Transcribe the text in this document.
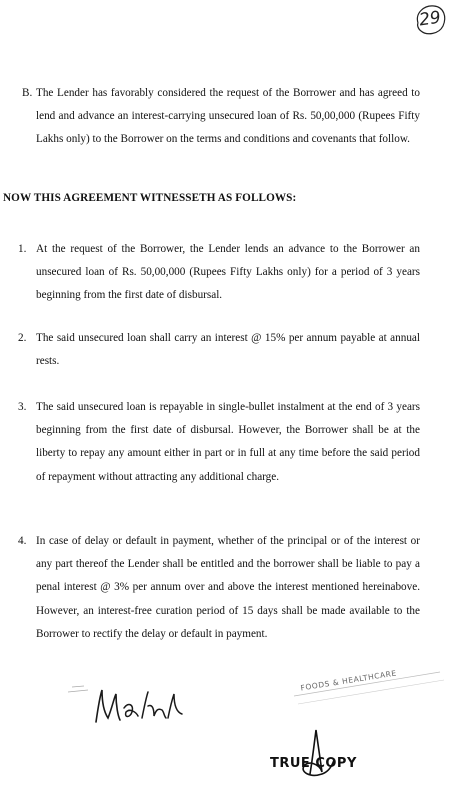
29
B. The Lender has favorably considered the request of the Borrower and has agreed to lend and advance an interest-carrying unsecured loan of Rs. 50,00,000 (Rupees Fifty Lakhs only) to the Borrower on the terms and conditions and covenants that follow.

NOW THIS AGREEMENT WITNESSETH AS FOLLOWS:

1. At the request of the Borrower, the Lender lends an advance to the Borrower an unsecured loan of Rs. 50,00,000 (Rupees Fifty Lakhs only) for a period of 3 years beginning from the first date of disbursal.

2. The said unsecured loan shall carry an interest @ 15% per annum payable at annual rests.

3. The said unsecured loan is repayable in single-bullet instalment at the end of 3 years beginning from the first date of disbursal. However, the Borrower shall be at the liberty to repay any amount either in part or in full at any time before the said period of repayment without attracting any additional charge.

4. In case of delay or default in payment, whether of the principal or of the interest or any part thereof the Lender shall be entitled and the borrower shall be liable to pay a penal interest @ 3% per annum over and above the interest mentioned hereinabove. However, an interest-free curation period of 15 days shall be made available to the Borrower to rectify the delay or default in payment.

FOODS & HEALTHCARE
TRUE COPY
